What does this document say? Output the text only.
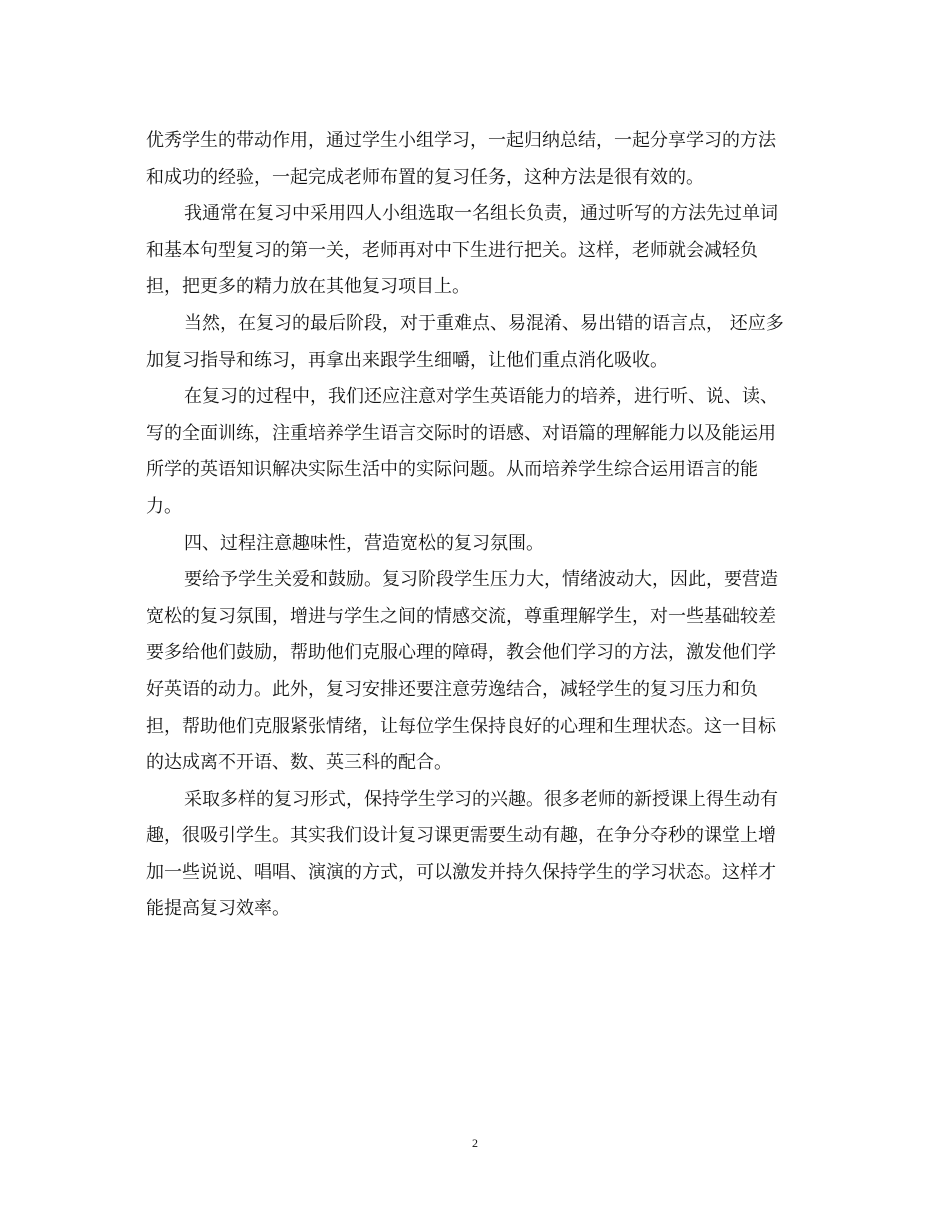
优秀学生的带动作用，通过学生小组学习，一起归纳总结，一起分享学习的方法
和成功的经验，一起完成老师布置的复习任务，这种方法是很有效的。
我通常在复习中采用四人小组选取一名组长负责，通过听写的方法先过单词
和基本句型复习的第一关，老师再对中下生进行把关。这样，老师就会减轻负
担，把更多的精力放在其他复习项目上。
当然，在复习的最后阶段，对于重难点、易混淆、易出错的语言点， 还应多
加复习指导和练习，再拿出来跟学生细嚼，让他们重点消化吸收。
在复习的过程中，我们还应注意对学生英语能力的培养，进行听、说、读、
写的全面训练，注重培养学生语言交际时的语感、对语篇的理解能力以及能运用
所学的英语知识解决实际生活中的实际问题。从而培养学生综合运用语言的能
力。
四、过程注意趣味性，营造宽松的复习氛围。
要给予学生关爱和鼓励。复习阶段学生压力大，情绪波动大，因此，要营造
宽松的复习氛围，增进与学生之间的情感交流，尊重理解学生，对一些基础较差
要多给他们鼓励，帮助他们克服心理的障碍，教会他们学习的方法，激发他们学
好英语的动力。此外，复习安排还要注意劳逸结合，减轻学生的复习压力和负
担，帮助他们克服紧张情绪，让每位学生保持良好的心理和生理状态。这一目标
的达成离不开语、数、英三科的配合。
采取多样的复习形式，保持学生学习的兴趣。很多老师的新授课上得生动有
趣，很吸引学生。其实我们设计复习课更需要生动有趣，在争分夺秒的课堂上增
加一些说说、唱唱、演演的方式，可以激发并持久保持学生的学习状态。这样才
能提高复习效率。
2
